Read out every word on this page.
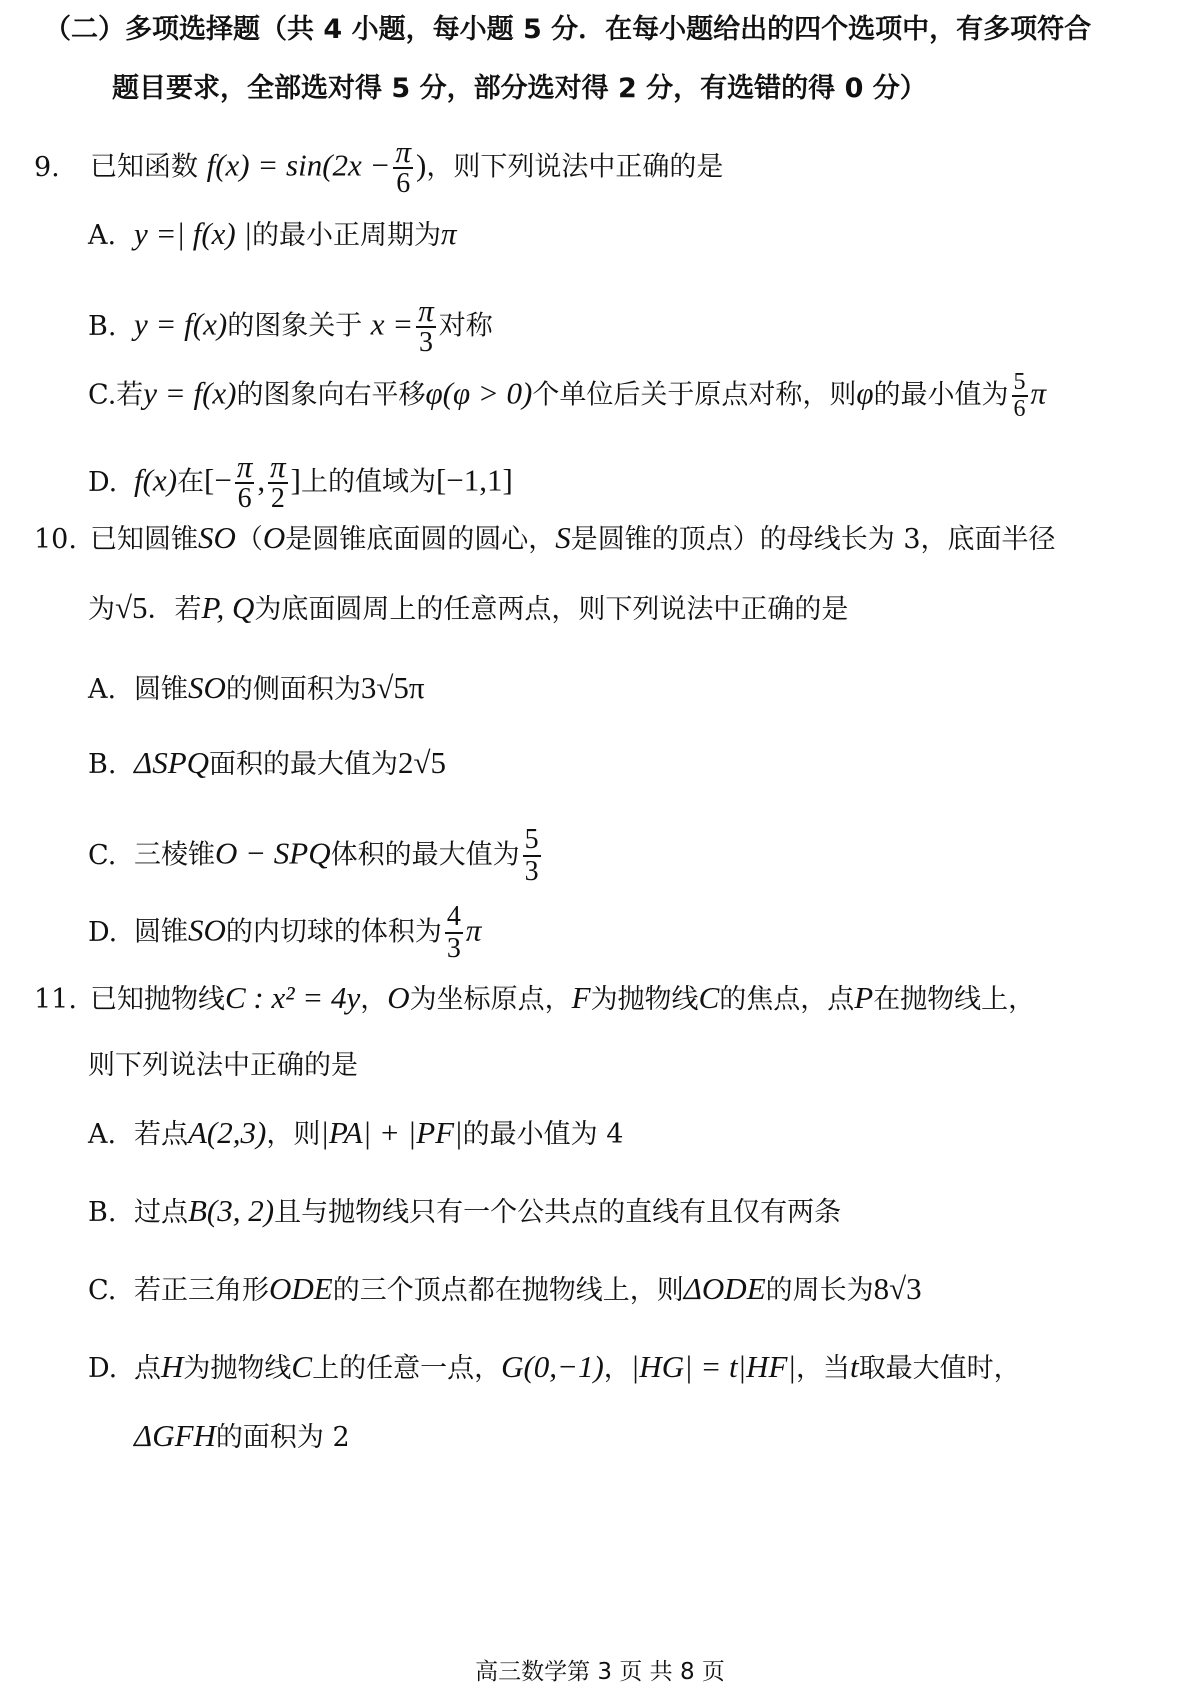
（二）多项选择题（共 4 小题，每小题 5 分．在每小题给出的四个选项中，有多项符合
题目要求，全部选对得 5 分，部分选对得 2 分，有选错的得 0 分）
9. 已知函数 $f(x) = \sin(2x - \frac{\pi}{6}$ )，则下列说法中正确的是
A. y =| f(x) |的最小正周期为π
B. y = f(x)的图象关于 $x = \frac{\pi}{3}$ 对称
C.若y = f(x)的图象向右平移φ(φ > 0)个单位后关于原点对称，则φ的最小值为 $\frac{5}{6}$ π
D. f(x)在[− $\frac{\pi}{6}$ , $\frac{\pi}{2}$ ]上的值域为[−1,1]
10. 已知圆锥SO（O是圆锥底面圆的圆心，S是圆锥的顶点）的母线长为 3，底面半径
为√5．若P, Q为底面圆周上的任意两点，则下列说法中正确的是
A. 圆锥SO的侧面积为3√5π
B. ΔSPQ面积的最大值为2√5
C. 三棱锥O − SPQ体积的最大值为 $\frac{5}{3}$
D. 圆锥SO的内切球的体积为 $\frac{4}{3}$ π
11. 已知抛物线C : x² = 4y，O为坐标原点，F为抛物线C的焦点，点P在抛物线上，
则下列说法中正确的是
A. 若点A(2,3)，则|PA| + |PF|的最小值为 4
B. 过点B(3, 2)且与抛物线只有一个公共点的直线有且仅有两条
C. 若正三角形ODE的三个顶点都在抛物线上，则ΔODE的周长为8√3
D. 点H为抛物线C上的任意一点，G(0,−1)，|HG| = t|HF|，当t取最大值时，
ΔGFH的面积为 2
高三数学第 3 页 共 8 页
